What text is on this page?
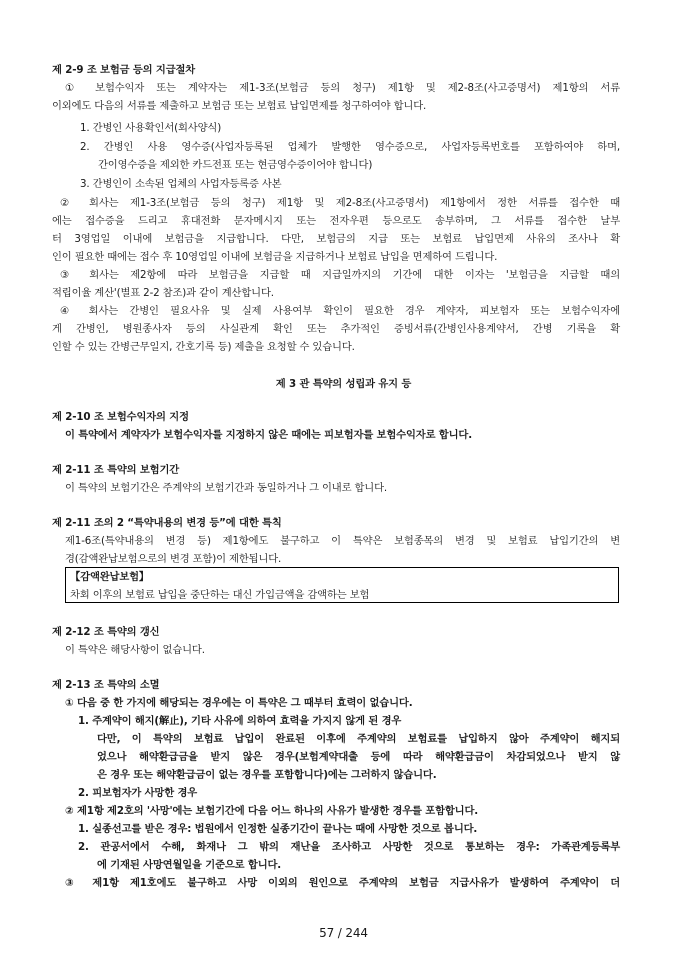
제 2-9 조 보험금 등의 지급절차
① 보험수익자 또는 계약자는 제1-3조(보험금 등의 청구) 제1항 및 제2-8조(사고증명서) 제1항의 서류
이외에도 다음의 서류를 제출하고 보험금 또는 보험료 납입면제를 청구하여야 합니다.
1. 간병인 사용확인서(회사양식)
2. 간병인 사용 영수증(사업자등록된 업체가 발행한 영수증으로, 사업자등록번호를 포함하여야 하며,
간이영수증을 제외한 카드전표 또는 현금영수증이어야 합니다)
3. 간병인이 소속된 업체의 사업자등록증 사본
② 회사는 제1-3조(보험금 등의 청구) 제1항 및 제2-8조(사고증명서) 제1항에서 정한 서류를 접수한 때
에는 접수증을 드리고 휴대전화 문자메시지 또는 전자우편 등으로도 송부하며, 그 서류를 접수한 날부
터 3영업일 이내에 보험금을 지급합니다. 다만, 보험금의 지급 또는 보험료 납입면제 사유의 조사나 확
인이 필요한 때에는 접수 후 10영업일 이내에 보험금을 지급하거나 보험료 납입을 면제하여 드립니다.
③ 회사는 제2항에 따라 보험금을 지급할 때 지급일까지의 기간에 대한 이자는 '보험금을 지급할 때의
적립이율 계산'(별표 2-2 참조)과 같이 계산합니다.
④ 회사는 간병인 필요사유 및 실제 사용여부 확인이 필요한 경우 계약자, 피보험자 또는 보험수익자에
게 간병인, 병원종사자 등의 사실관계 확인 또는 추가적인 증빙서류(간병인사용계약서, 간병 기록을 확
인할 수 있는 간병근무일지, 간호기록 등) 제출을 요청할 수 있습니다.
제 3 관 특약의 성립과 유지 등
제 2-10 조 보험수익자의 지정
이 특약에서 계약자가 보험수익자를 지정하지 않은 때에는 피보험자를 보험수익자로 합니다.
제 2-11 조 특약의 보험기간
이 특약의 보험기간은 주계약의 보험기간과 동일하거나 그 이내로 합니다.
제 2-11 조의 2 “특약내용의 변경 등”에 대한 특칙
제1-6조(특약내용의 변경 등) 제1항에도 불구하고 이 특약은 보험종목의 변경 및 보험료 납입기간의 변
경(감액완납보험으로의 변경 포함)이 제한됩니다.
【감액완납보험】
차회 이후의 보험료 납입을 중단하는 대신 가입금액을 감액하는 보험
제 2-12 조 특약의 갱신
이 특약은 해당사항이 없습니다.
제 2-13 조 특약의 소멸
① 다음 중 한 가지에 해당되는 경우에는 이 특약은 그 때부터 효력이 없습니다.
1. 주계약이 해지(解止), 기타 사유에 의하여 효력을 가지지 않게 된 경우
다만, 이 특약의 보험료 납입이 완료된 이후에 주계약의 보험료를 납입하지 않아 주계약이 해지되
었으나 해약환급금을 받지 않은 경우(보험계약대출 등에 따라 해약환급금이 차감되었으나 받지 않
은 경우 또는 해약환급금이 없는 경우를 포함합니다)에는 그러하지 않습니다.
2. 피보험자가 사망한 경우
② 제1항 제2호의 '사망'에는 보험기간에 다음 어느 하나의 사유가 발생한 경우를 포함합니다.
1. 실종선고를 받은 경우: 법원에서 인정한 실종기간이 끝나는 때에 사망한 것으로 봅니다.
2. 관공서에서 수해, 화재나 그 밖의 재난을 조사하고 사망한 것으로 통보하는 경우: 가족관계등록부
에 기재된 사망연월일을 기준으로 합니다.
③ 제1항 제1호에도 불구하고 사망 이외의 원인으로 주계약의 보험금 지급사유가 발생하여 주계약이 더
57 / 244
